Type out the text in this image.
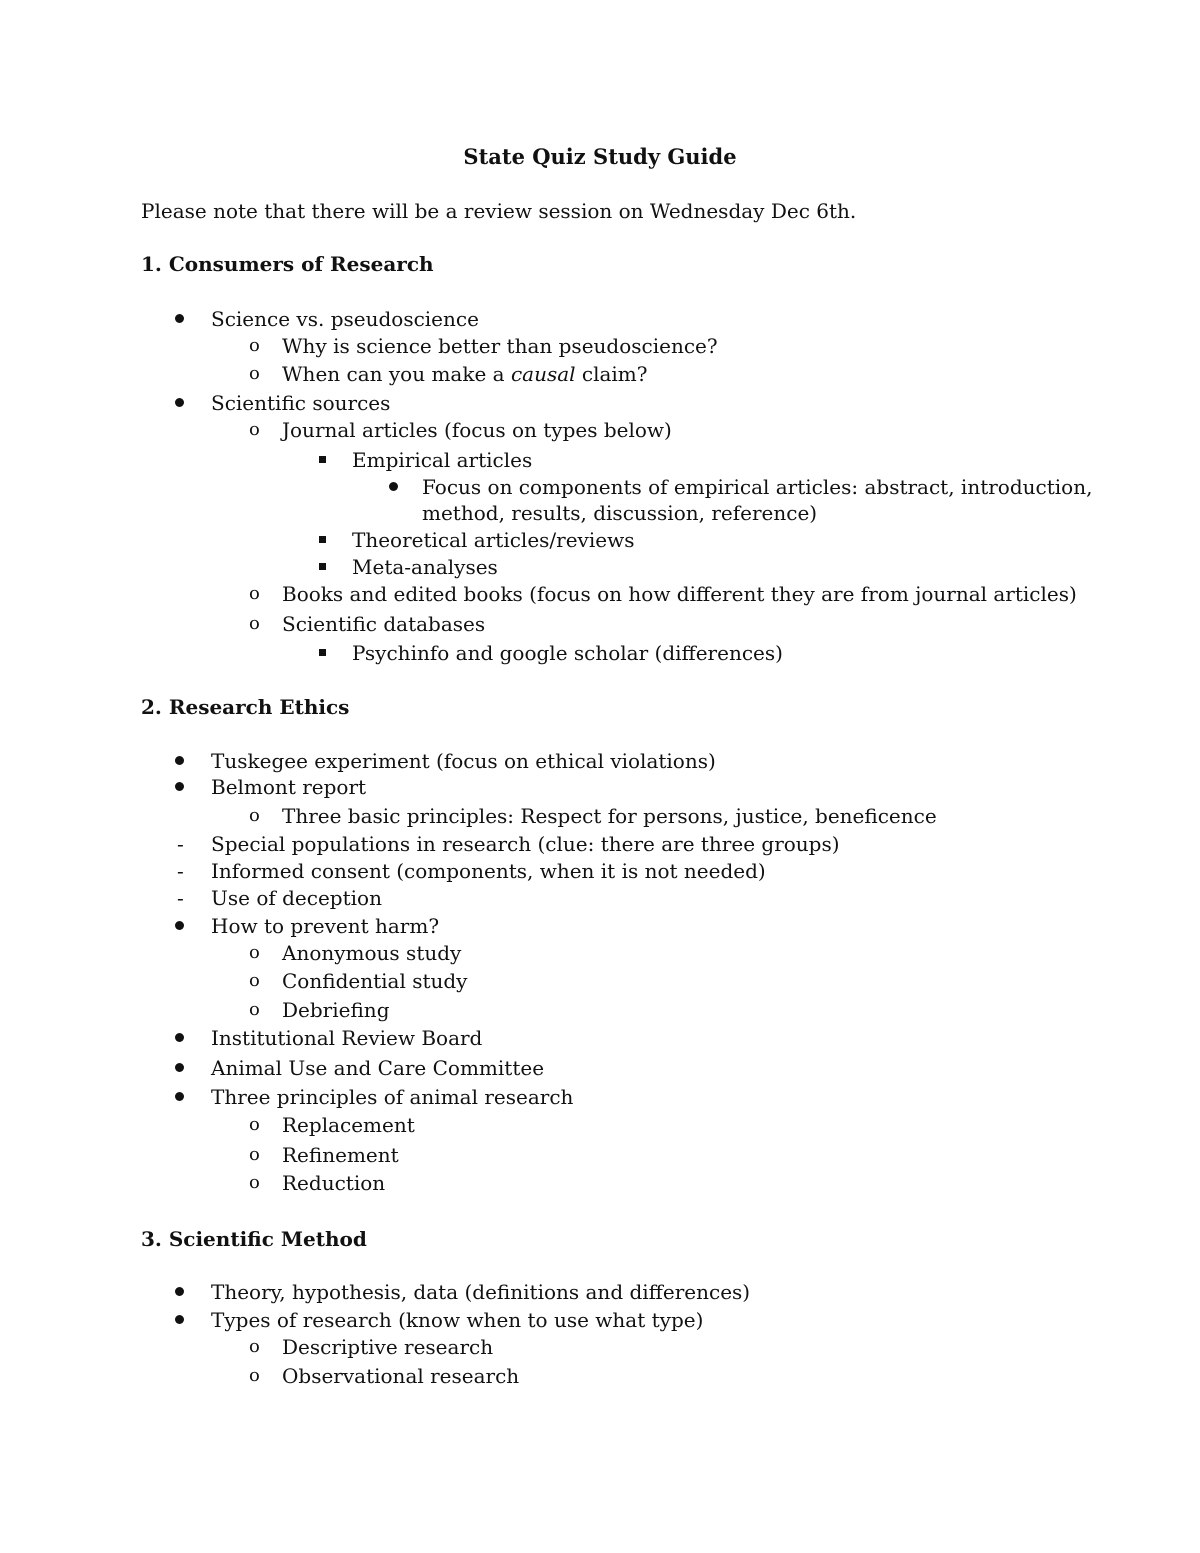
State Quiz Study Guide
Please note that there will be a review session on Wednesday Dec 6th.
1. Consumers of Research
Science vs. pseudoscience
o Why is science better than pseudoscience?
o When can you make a causal claim?
Scientific sources
o Journal articles (focus on types below)
Empirical articles
Focus on components of empirical articles: abstract, introduction,
method, results, discussion, reference)
Theoretical articles/reviews
Meta-analyses
o Books and edited books (focus on how different they are from journal articles)
o Scientific databases
Psychinfo and google scholar (differences)
2. Research Ethics
Tuskegee experiment (focus on ethical violations)
Belmont report
o Three basic principles: Respect for persons, justice, beneficence
- Special populations in research (clue: there are three groups)
- Informed consent (components, when it is not needed)
- Use of deception
How to prevent harm?
o Anonymous study
o Confidential study
o Debriefing
Institutional Review Board
Animal Use and Care Committee
Three principles of animal research
o Replacement
o Refinement
o Reduction
3. Scientific Method
Theory, hypothesis, data (definitions and differences)
Types of research (know when to use what type)
o Descriptive research
o Observational research
